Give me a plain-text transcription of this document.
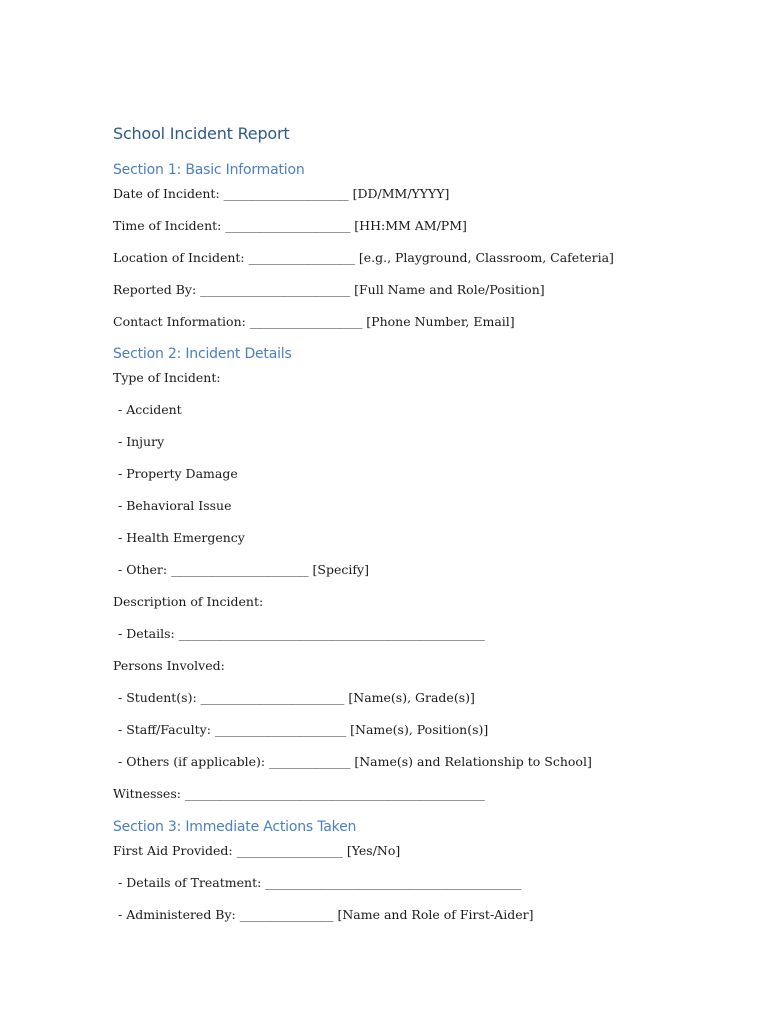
School Incident Report
Section 1: Basic Information
Date of Incident: ____________________ [DD/MM/YYYY]
Time of Incident: ____________________ [HH:MM AM/PM]
Location of Incident: _________________ [e.g., Playground, Classroom, Cafeteria]
Reported By: ________________________ [Full Name and Role/Position]
Contact Information: __________________ [Phone Number, Email]
Section 2: Incident Details
Type of Incident:
- Accident
- Injury
- Property Damage
- Behavioral Issue
- Health Emergency
- Other: ______________________ [Specify]
Description of Incident:
- Details: _________________________________________________
Persons Involved:
- Student(s): _______________________ [Name(s), Grade(s)]
- Staff/Faculty: _____________________ [Name(s), Position(s)]
- Others (if applicable): _____________ [Name(s) and Relationship to School]
Witnesses: ________________________________________________
Section 3: Immediate Actions Taken
First Aid Provided: _________________ [Yes/No]
- Details of Treatment: _________________________________________
- Administered By: _______________ [Name and Role of First-Aider]
